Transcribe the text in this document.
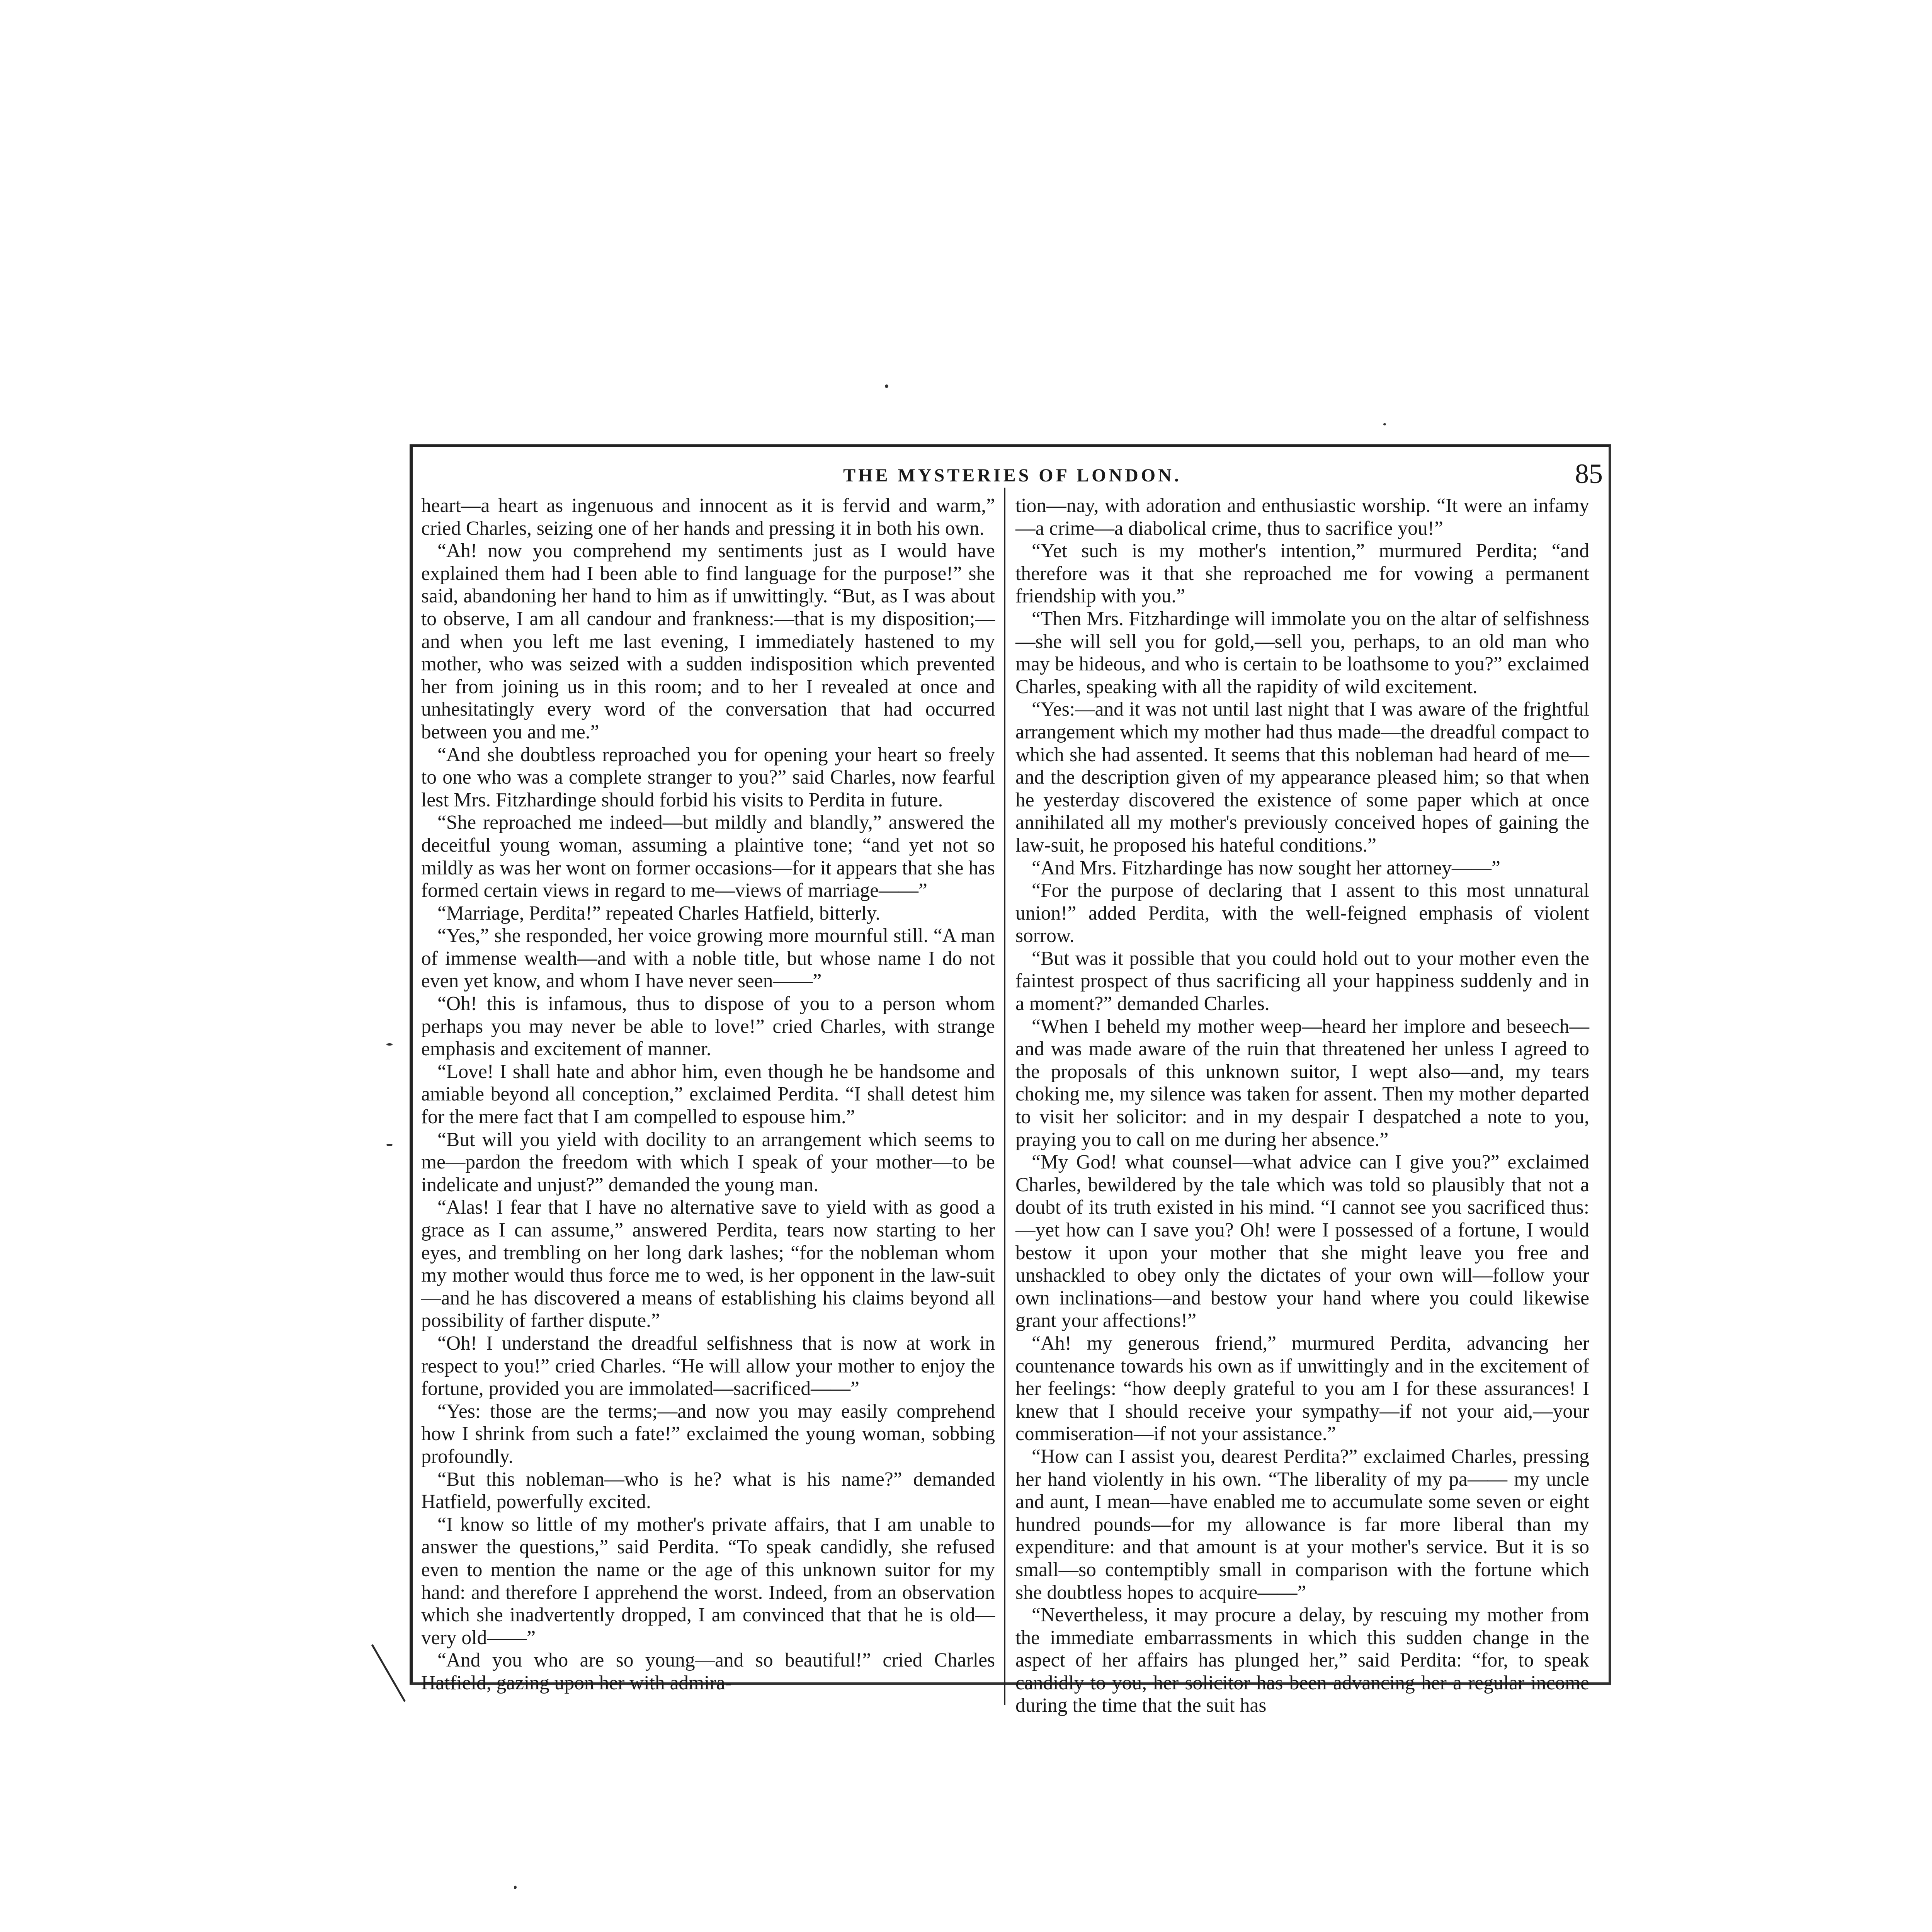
THE MYSTERIES OF LONDON.	85

heart—a heart as ingenuous and innocent as it is fervid and warm,” cried Charles, seizing one of her hands and pressing it in both his own.

“Ah! now you comprehend my sentiments just as I would have explained them had I been able to find language for the purpose!” she said, abandoning her hand to him as if unwittingly. “But, as I was about to observe, I am all candour and frankness:—that is my disposition;—and when you left me last evening, I immediately hastened to my mother, who was seized with a sudden indisposition which prevented her from joining us in this room; and to her I revealed at once and unhesitatingly every word of the conversation that had occurred between you and me.”

“And she doubtless reproached you for opening your heart so freely to one who was a complete stranger to you?” said Charles, now fearful lest Mrs. Fitzhardinge should forbid his visits to Perdita in future.

“She reproached me indeed—but mildly and blandly,” answered the deceitful young woman, assuming a plaintive tone; “and yet not so mildly as was her wont on former occasions—for it appears that she has formed certain views in regard to me—views of marriage——”

“Marriage, Perdita!” repeated Charles Hatfield, bitterly.

“Yes,” she responded, her voice growing more mournful still. “A man of immense wealth—and with a noble title, but whose name I do not even yet know, and whom I have never seen——”

“Oh! this is infamous, thus to dispose of you to a person whom perhaps you may never be able to love!” cried Charles, with strange emphasis and excitement of manner.

“Love! I shall hate and abhor him, even though he be handsome and amiable beyond all conception,” exclaimed Perdita. “I shall detest him for the mere fact that I am compelled to espouse him.”

“But will you yield with docility to an arrangement which seems to me—pardon the freedom with which I speak of your mother—to be indelicate and unjust?” demanded the young man.

“Alas! I fear that I have no alternative save to yield with as good a grace as I can assume,” answered Perdita, tears now starting to her eyes, and trembling on her long dark lashes; “for the nobleman whom my mother would thus force me to wed, is her opponent in the law-suit—and he has discovered a means of establishing his claims beyond all possibility of farther dispute.”

“Oh! I understand the dreadful selfishness that is now at work in respect to you!” cried Charles. “He will allow your mother to enjoy the fortune, provided you are immolated—sacrificed——”

“Yes: those are the terms;—and now you may easily comprehend how I shrink from such a fate!” exclaimed the young woman, sobbing profoundly.

“But this nobleman—who is he? what is his name?” demanded Hatfield, powerfully excited.

“I know so little of my mother's private affairs, that I am unable to answer the questions,” said Perdita. “To speak candidly, she refused even to mention the name or the age of this unknown suitor for my hand: and therefore I apprehend the worst. Indeed, from an observation which she inadvertently dropped, I am convinced that that he is old—very old——”

“And you who are so young—and so beautiful!” cried Charles Hatfield, gazing upon her with admira-

tion—nay, with adoration and enthusiastic worship. “It were an infamy—a crime—a diabolical crime, thus to sacrifice you!”

“Yet such is my mother's intention,” murmured Perdita; “and therefore was it that she reproached me for vowing a permanent friendship with you.”

“Then Mrs. Fitzhardinge will immolate you on the altar of selfishness—she will sell you for gold,—sell you, perhaps, to an old man who may be hideous, and who is certain to be loathsome to you?” exclaimed Charles, speaking with all the rapidity of wild excitement.

“Yes:—and it was not until last night that I was aware of the frightful arrangement which my mother had thus made—the dreadful compact to which she had assented. It seems that this nobleman had heard of me—and the description given of my appearance pleased him; so that when he yesterday discovered the existence of some paper which at once annihilated all my mother's previously conceived hopes of gaining the law-suit, he proposed his hateful conditions.”

“And Mrs. Fitzhardinge has now sought her attorney——”

“For the purpose of declaring that I assent to this most unnatural union!” added Perdita, with the well-feigned emphasis of violent sorrow.

“But was it possible that you could hold out to your mother even the faintest prospect of thus sacrificing all your happiness suddenly and in a moment?” demanded Charles.

“When I beheld my mother weep—heard her implore and beseech—and was made aware of the ruin that threatened her unless I agreed to the proposals of this unknown suitor, I wept also—and, my tears choking me, my silence was taken for assent. Then my mother departed to visit her solicitor: and in my despair I despatched a note to you, praying you to call on me during her absence.”

“My God! what counsel—what advice can I give you?” exclaimed Charles, bewildered by the tale which was told so plausibly that not a doubt of its truth existed in his mind. “I cannot see you sacrificed thus:—yet how can I save you? Oh! were I possessed of a fortune, I would bestow it upon your mother that she might leave you free and unshackled to obey only the dictates of your own will—follow your own inclinations—and bestow your hand where you could likewise grant your affections!”

“Ah! my generous friend,” murmured Perdita, advancing her countenance towards his own as if unwittingly and in the excitement of her feelings: “how deeply grateful to you am I for these assurances! I knew that I should receive your sympathy—if not your aid,—your commiseration—if not your assistance.”

“How can I assist you, dearest Perdita?” exclaimed Charles, pressing her hand violently in his own. “The liberality of my pa—— my uncle and aunt, I mean—have enabled me to accumulate some seven or eight hundred pounds—for my allowance is far more liberal than my expenditure: and that amount is at your mother's service. But it is so small—so contemptibly small in comparison with the fortune which she doubtless hopes to acquire——”

“Nevertheless, it may procure a delay, by rescuing my mother from the immediate embarrassments in which this sudden change in the aspect of her affairs has plunged her,” said Perdita: “for, to speak candidly to you, her solicitor has been advancing her a regular income during the time that the suit has
